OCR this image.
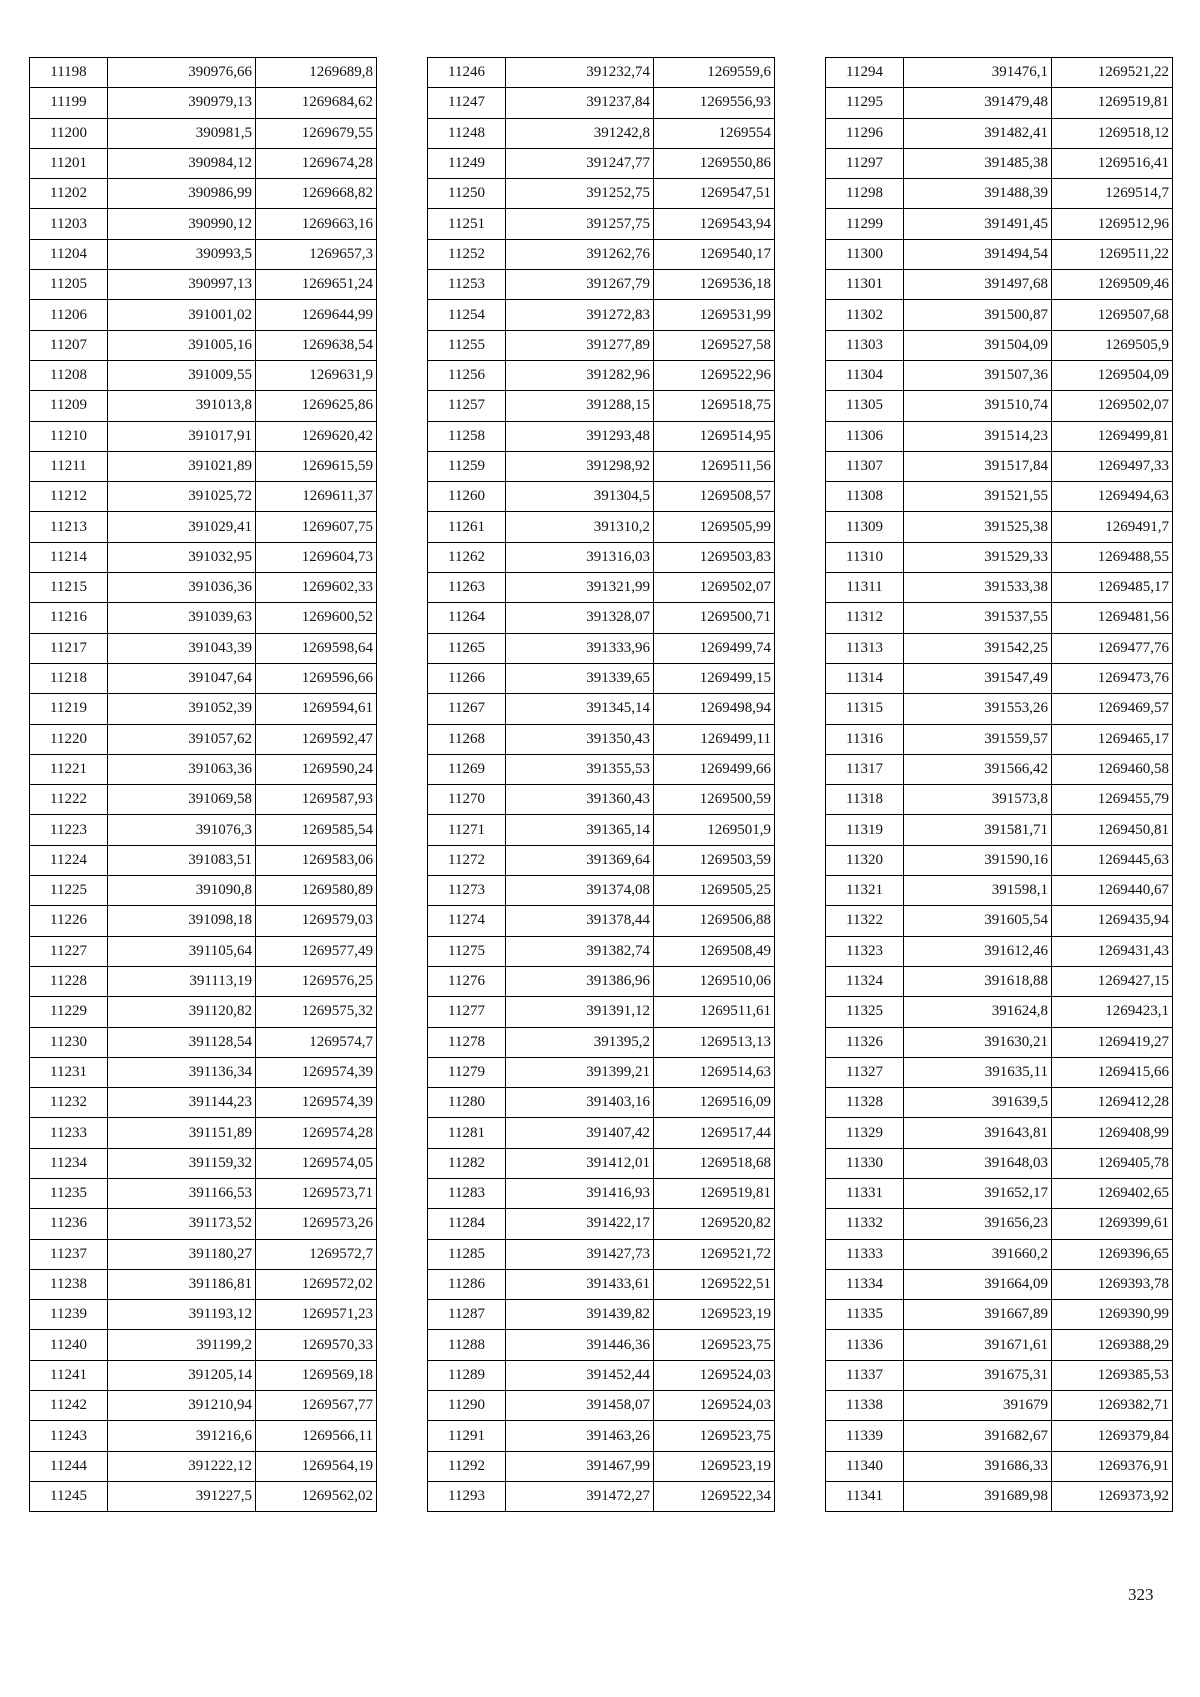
11198	390976,66	1269689,8
11199	390979,13	1269684,62
11200	390981,5	1269679,55
11201	390984,12	1269674,28
11202	390986,99	1269668,82
11203	390990,12	1269663,16
11204	390993,5	1269657,3
11205	390997,13	1269651,24
11206	391001,02	1269644,99
11207	391005,16	1269638,54
11208	391009,55	1269631,9
11209	391013,8	1269625,86
11210	391017,91	1269620,42
11211	391021,89	1269615,59
11212	391025,72	1269611,37
11213	391029,41	1269607,75
11214	391032,95	1269604,73
11215	391036,36	1269602,33
11216	391039,63	1269600,52
11217	391043,39	1269598,64
11218	391047,64	1269596,66
11219	391052,39	1269594,61
11220	391057,62	1269592,47
11221	391063,36	1269590,24
11222	391069,58	1269587,93
11223	391076,3	1269585,54
11224	391083,51	1269583,06
11225	391090,8	1269580,89
11226	391098,18	1269579,03
11227	391105,64	1269577,49
11228	391113,19	1269576,25
11229	391120,82	1269575,32
11230	391128,54	1269574,7
11231	391136,34	1269574,39
11232	391144,23	1269574,39
11233	391151,89	1269574,28
11234	391159,32	1269574,05
11235	391166,53	1269573,71
11236	391173,52	1269573,26
11237	391180,27	1269572,7
11238	391186,81	1269572,02
11239	391193,12	1269571,23
11240	391199,2	1269570,33
11241	391205,14	1269569,18
11242	391210,94	1269567,77
11243	391216,6	1269566,11
11244	391222,12	1269564,19
11245	391227,5	1269562,02
11246	391232,74	1269559,6
11247	391237,84	1269556,93
11248	391242,8	1269554
11249	391247,77	1269550,86
11250	391252,75	1269547,51
11251	391257,75	1269543,94
11252	391262,76	1269540,17
11253	391267,79	1269536,18
11254	391272,83	1269531,99
11255	391277,89	1269527,58
11256	391282,96	1269522,96
11257	391288,15	1269518,75
11258	391293,48	1269514,95
11259	391298,92	1269511,56
11260	391304,5	1269508,57
11261	391310,2	1269505,99
11262	391316,03	1269503,83
11263	391321,99	1269502,07
11264	391328,07	1269500,71
11265	391333,96	1269499,74
11266	391339,65	1269499,15
11267	391345,14	1269498,94
11268	391350,43	1269499,11
11269	391355,53	1269499,66
11270	391360,43	1269500,59
11271	391365,14	1269501,9
11272	391369,64	1269503,59
11273	391374,08	1269505,25
11274	391378,44	1269506,88
11275	391382,74	1269508,49
11276	391386,96	1269510,06
11277	391391,12	1269511,61
11278	391395,2	1269513,13
11279	391399,21	1269514,63
11280	391403,16	1269516,09
11281	391407,42	1269517,44
11282	391412,01	1269518,68
11283	391416,93	1269519,81
11284	391422,17	1269520,82
11285	391427,73	1269521,72
11286	391433,61	1269522,51
11287	391439,82	1269523,19
11288	391446,36	1269523,75
11289	391452,44	1269524,03
11290	391458,07	1269524,03
11291	391463,26	1269523,75
11292	391467,99	1269523,19
11293	391472,27	1269522,34
11294	391476,1	1269521,22
11295	391479,48	1269519,81
11296	391482,41	1269518,12
11297	391485,38	1269516,41
11298	391488,39	1269514,7
11299	391491,45	1269512,96
11300	391494,54	1269511,22
11301	391497,68	1269509,46
11302	391500,87	1269507,68
11303	391504,09	1269505,9
11304	391507,36	1269504,09
11305	391510,74	1269502,07
11306	391514,23	1269499,81
11307	391517,84	1269497,33
11308	391521,55	1269494,63
11309	391525,38	1269491,7
11310	391529,33	1269488,55
11311	391533,38	1269485,17
11312	391537,55	1269481,56
11313	391542,25	1269477,76
11314	391547,49	1269473,76
11315	391553,26	1269469,57
11316	391559,57	1269465,17
11317	391566,42	1269460,58
11318	391573,8	1269455,79
11319	391581,71	1269450,81
11320	391590,16	1269445,63
11321	391598,1	1269440,67
11322	391605,54	1269435,94
11323	391612,46	1269431,43
11324	391618,88	1269427,15
11325	391624,8	1269423,1
11326	391630,21	1269419,27
11327	391635,11	1269415,66
11328	391639,5	1269412,28
11329	391643,81	1269408,99
11330	391648,03	1269405,78
11331	391652,17	1269402,65
11332	391656,23	1269399,61
11333	391660,2	1269396,65
11334	391664,09	1269393,78
11335	391667,89	1269390,99
11336	391671,61	1269388,29
11337	391675,31	1269385,53
11338	391679	1269382,71
11339	391682,67	1269379,84
11340	391686,33	1269376,91
11341	391689,98	1269373,92
323
